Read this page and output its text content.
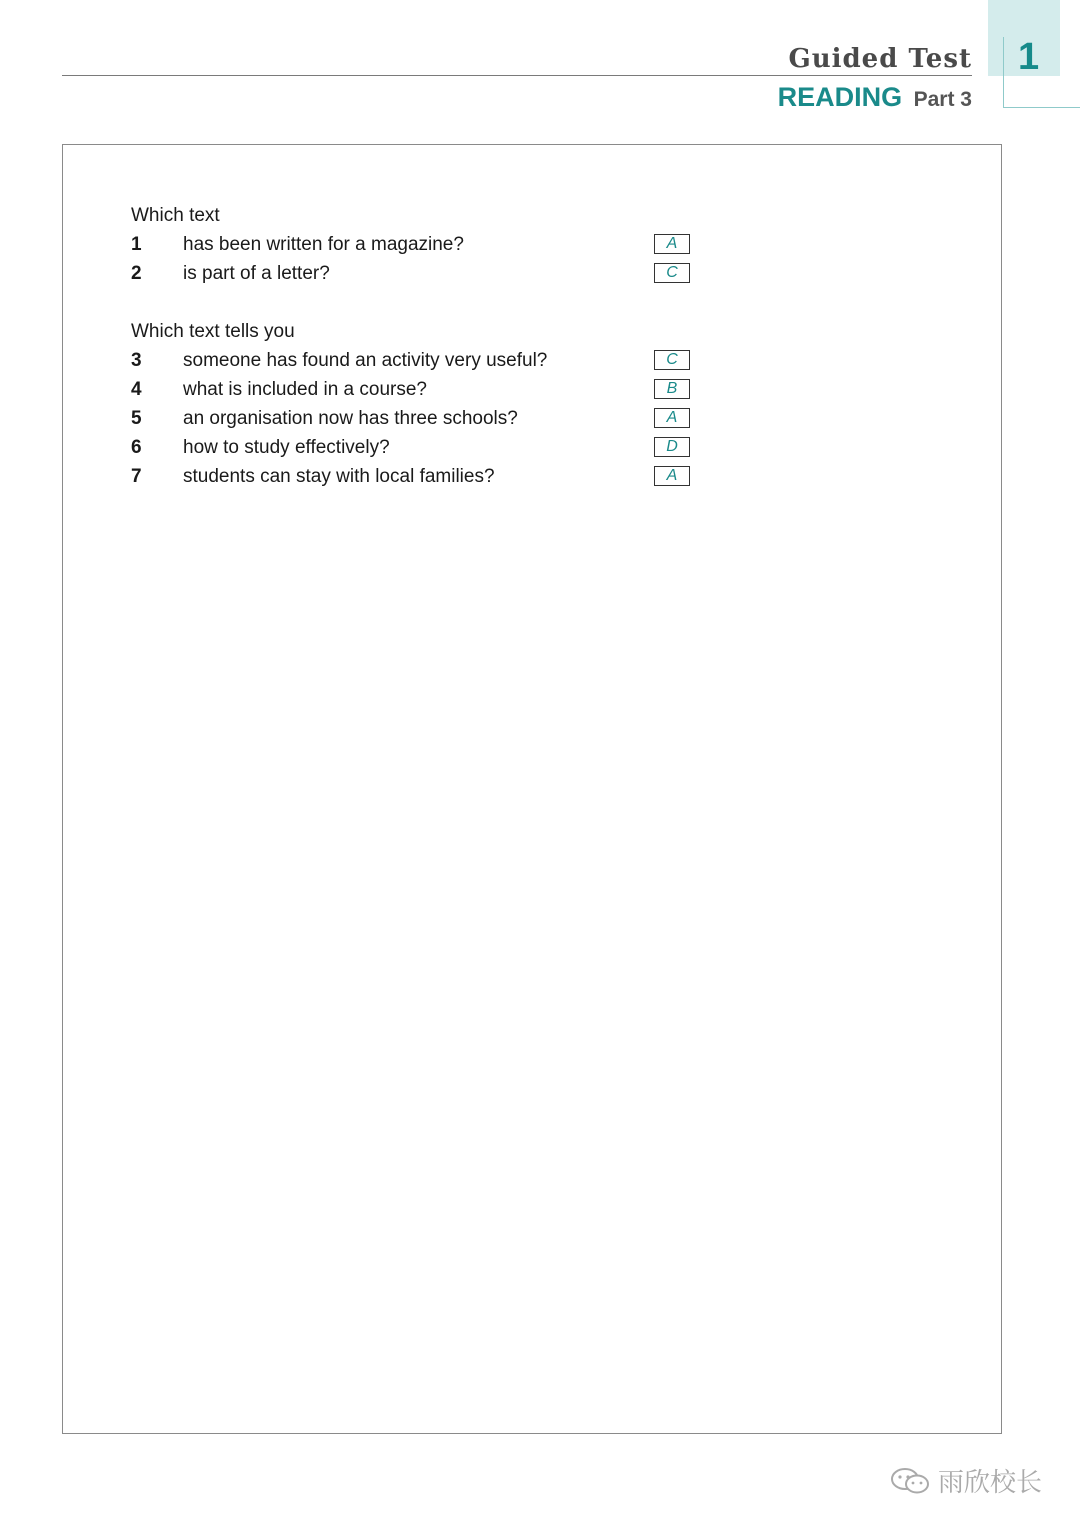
1
Guided Test
READING Part 3
Which text
1 has been written for a magazine?	A
2 is part of a letter?	C
Which text tells you
3 someone has found an activity very useful?	C
4 what is included in a course?	B
5 an organisation now has three schools?	A
6 how to study effectively?	D
7 students can stay with local families?	A
雨欣校长
